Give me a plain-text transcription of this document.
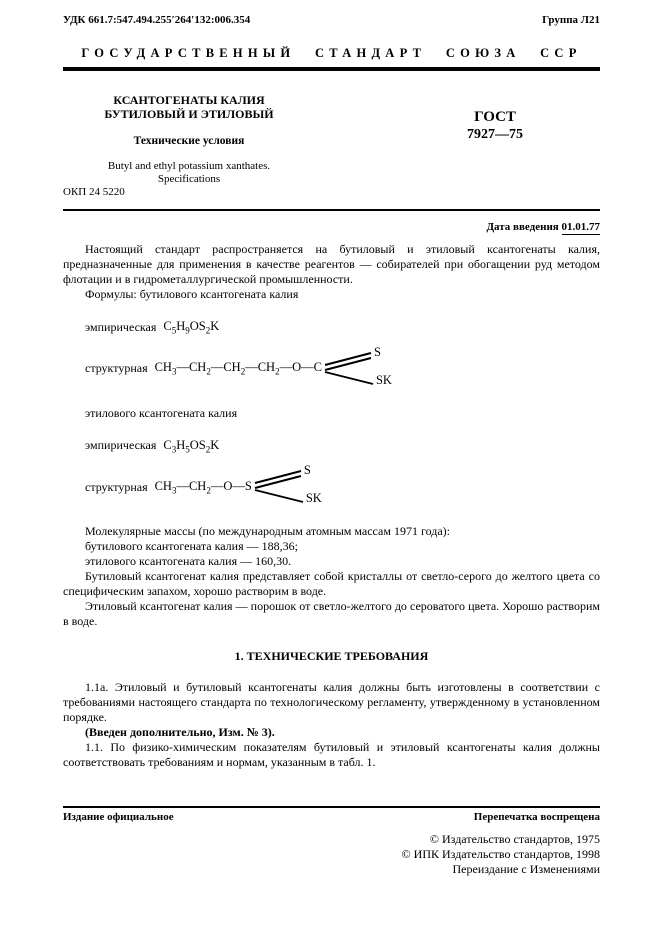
УДК 661.7:547.494.255′264′132:006.354	Группа Л21
ГОСУДАРСТВЕННЫЙ СТАНДАРТ СОЮЗА ССР
КСАНТОГЕНАТЫ КАЛИЯ
БУТИЛОВЫЙ И ЭТИЛОВЫЙ
Технические условия
Butyl and ethyl potassium xanthates.
Specifications
ГОСТ
7927—75
ОКП 24 5220
Дата введения 01.01.77

Настоящий стандарт распространяется на бутиловый и этиловый ксантогенаты калия, предназначенные для применения в качестве реагентов — собирателей при обогащении руд методом флотации и в гидрометаллургической промышленности.

Формулы: бутилового ксантогената калия
эмпирическая $C_5H_9OS_2K$
структурная $CH_3—CH_2—CH_2—CH_2—O—C$
S
SK
этилового ксантогената калия
эмпирическая $C_3H_5OS_2K$
структурная $CH_3—CH_2—O—S$
S
SK
Молекулярные массы (по международным атомным массам 1971 года):
бутилового ксантогената калия — 188,36;
этилового ксантогената калия — 160,30.

Бутиловый ксантогенат калия представляет собой кристаллы от светло-серого до желтого цвета со специфическим запахом, хорошо растворим в воде.

Этиловый ксантогенат калия — порошок от светло-желтого до сероватого цвета. Хорошо растворим в воде.

1. ТЕХНИЧЕСКИЕ ТРЕБОВАНИЯ

1.1а. Этиловый и бутиловый ксантогенаты калия должны быть изготовлены в соответствии с требованиями настоящего стандарта по технологическому регламенту, утвержденному в установленном порядке.

(Введен дополнительно, Изм. № 3).

1.1. По физико-химическим показателям бутиловый и этиловый ксантогенаты калия должны соответствовать требованиям и нормам, указанным в табл. 1.

Издание официальное	Перепечатка воспрещена
© Издательство стандартов, 1975
© ИПК Издательство стандартов, 1998
Переиздание с Изменениями
